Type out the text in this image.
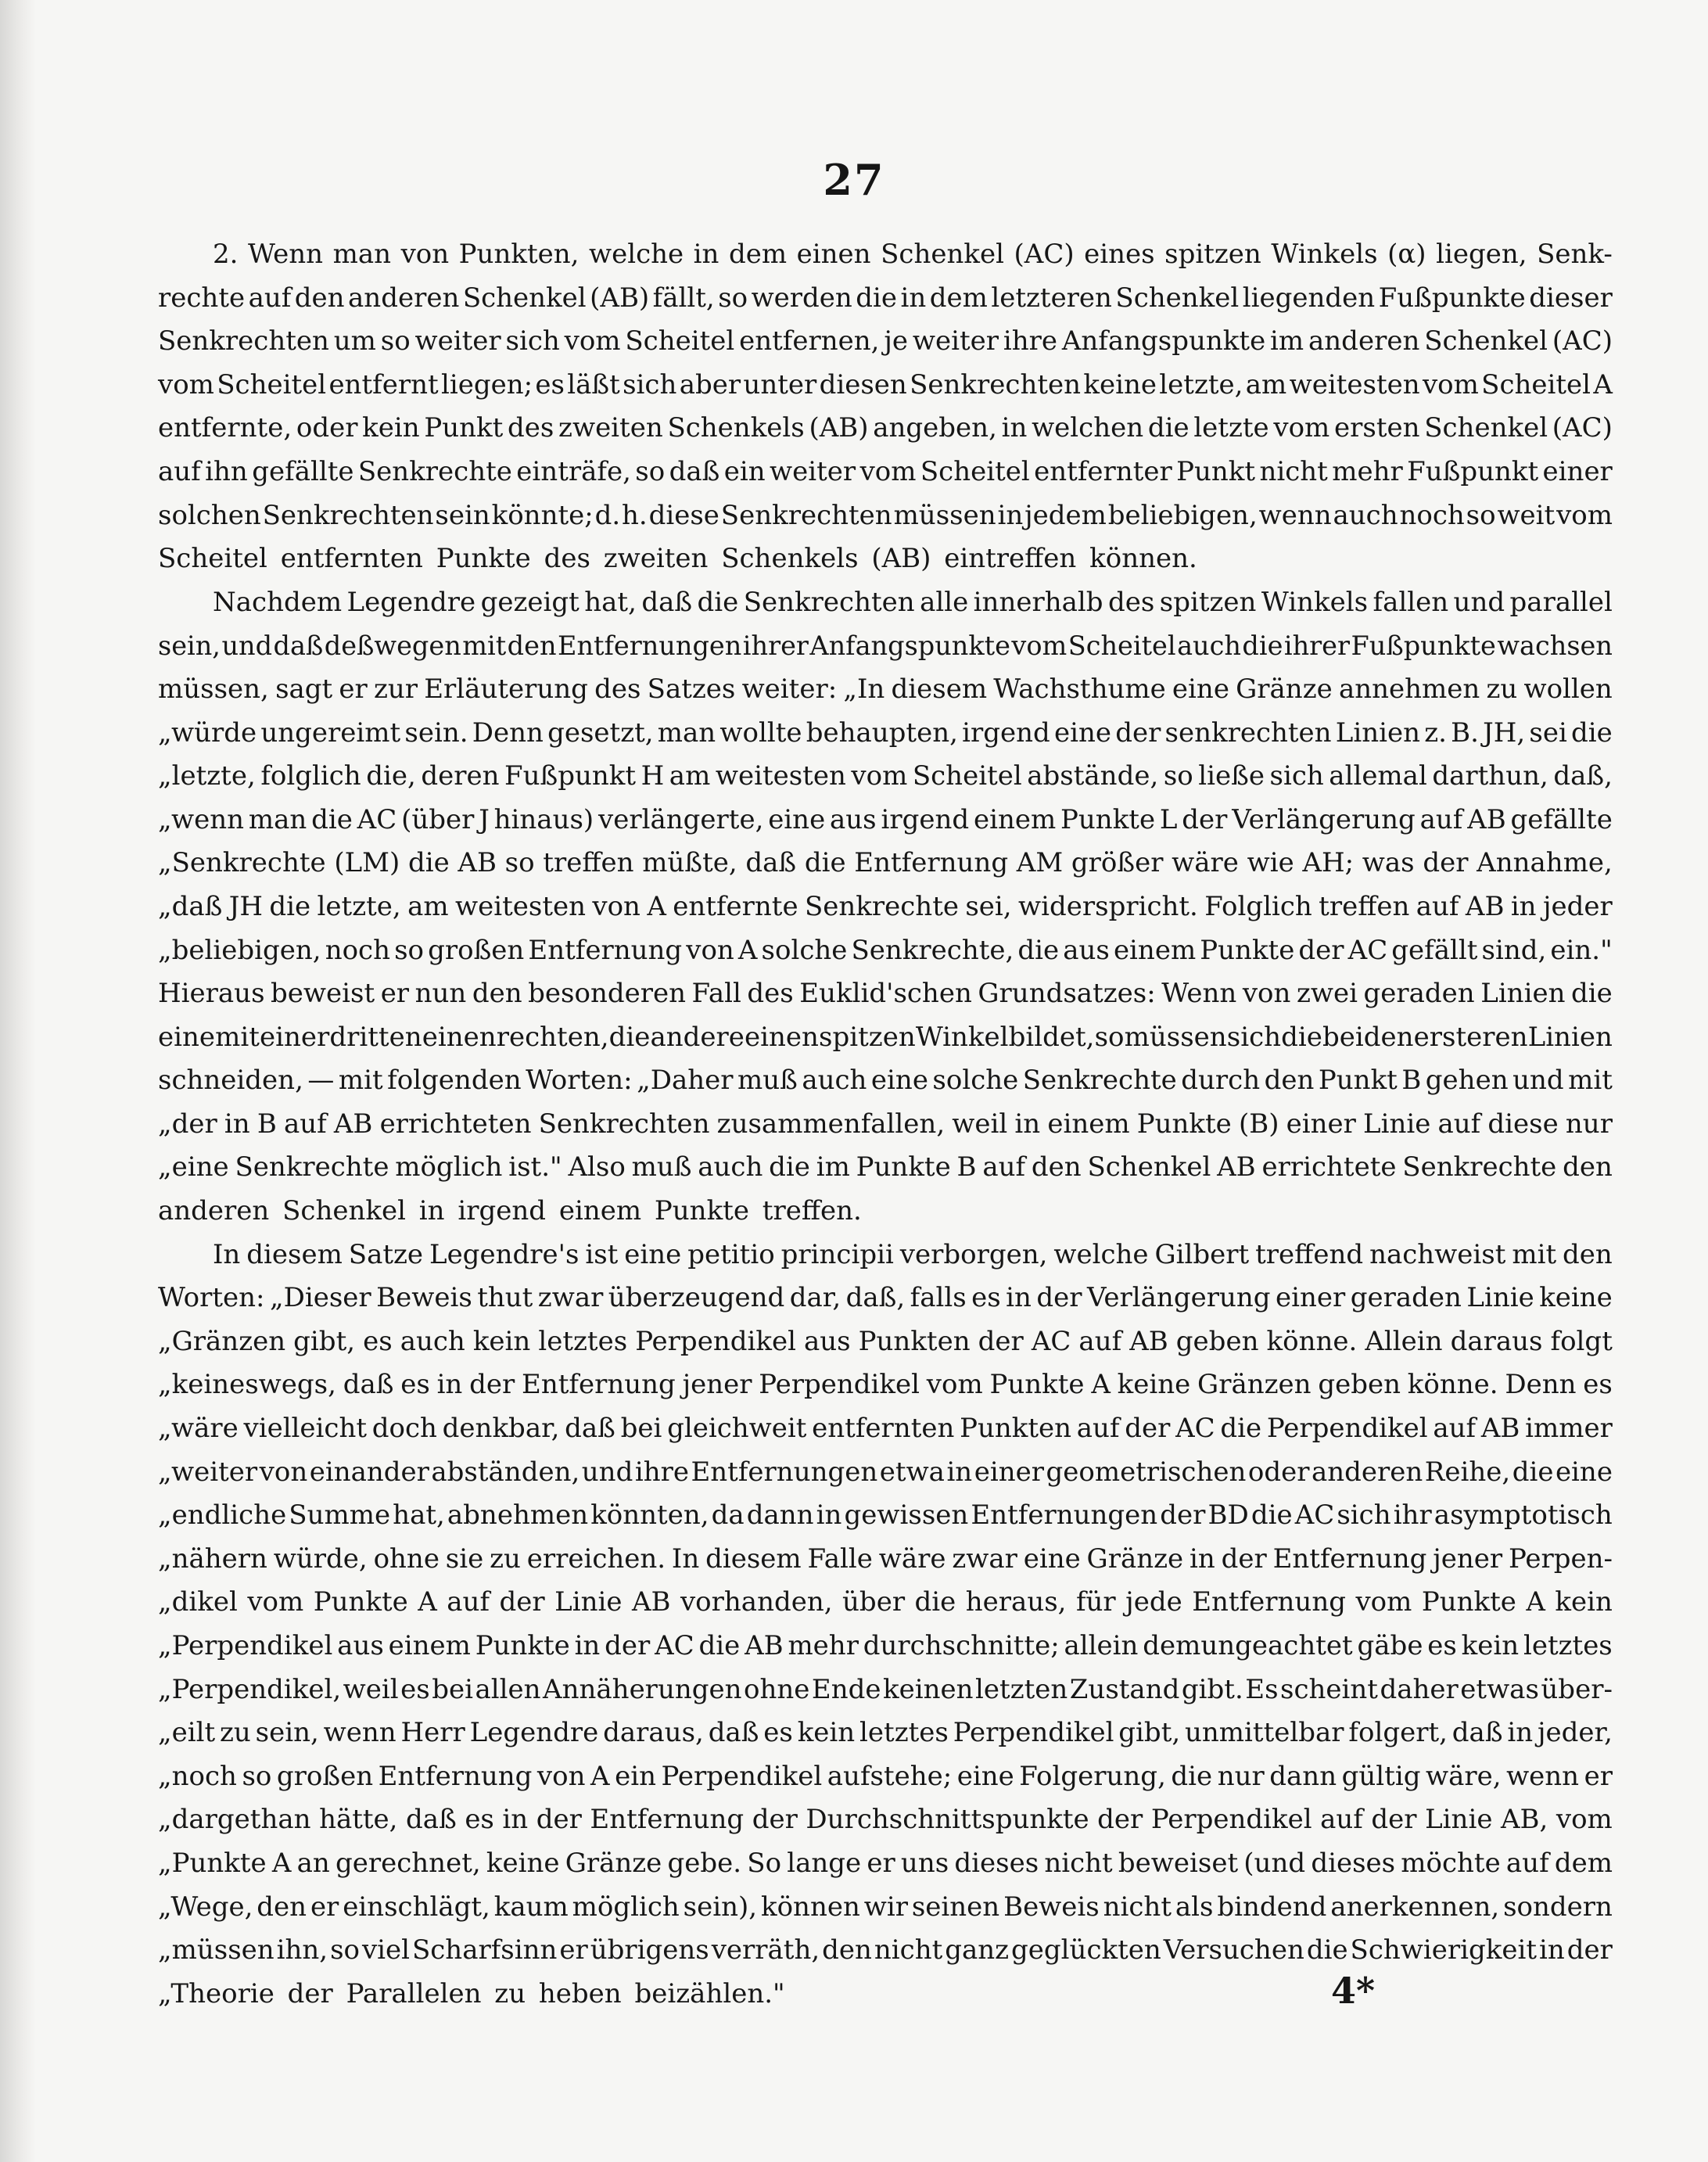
27
2. Wenn man von Punkten, welche in dem einen Schenkel (AC) eines spitzen Winkels (α) liegen, Senk-
rechte auf den anderen Schenkel (AB) fällt, so werden die in dem letzteren Schenkel liegenden Fußpunkte dieser
Senkrechten um so weiter sich vom Scheitel entfernen, je weiter ihre Anfangspunkte im anderen Schenkel (AC)
vom Scheitel entfernt liegen; es läßt sich aber unter diesen Senkrechten keine letzte, am weitesten vom Scheitel A
entfernte, oder kein Punkt des zweiten Schenkels (AB) angeben, in welchen die letzte vom ersten Schenkel (AC)
auf ihn gefällte Senkrechte einträfe, so daß ein weiter vom Scheitel entfernter Punkt nicht mehr Fußpunkt einer
solchen Senkrechten sein könnte; d. h. diese Senkrechten müssen in jedem beliebigen, wenn auch noch so weit vom
Scheitel entfernten Punkte des zweiten Schenkels (AB) eintreffen können.
Nachdem Legendre gezeigt hat, daß die Senkrechten alle innerhalb des spitzen Winkels fallen und parallel
sein, und daß deßwegen mit den Entfernungen ihrer Anfangspunkte vom Scheitel auch die ihrer Fußpunkte wachsen
müssen, sagt er zur Erläuterung des Satzes weiter: „In diesem Wachsthume eine Gränze annehmen zu wollen
„würde ungereimt sein. Denn gesetzt, man wollte behaupten, irgend eine der senkrechten Linien z. B. JH, sei die
„letzte, folglich die, deren Fußpunkt H am weitesten vom Scheitel abstände, so ließe sich allemal darthun, daß,
„wenn man die AC (über J hinaus) verlängerte, eine aus irgend einem Punkte L der Verlängerung auf AB gefällte
„Senkrechte (LM) die AB so treffen müßte, daß die Entfernung AM größer wäre wie AH; was der Annahme,
„daß JH die letzte, am weitesten von A entfernte Senkrechte sei, widerspricht. Folglich treffen auf AB in jeder
„beliebigen, noch so großen Entfernung von A solche Senkrechte, die aus einem Punkte der AC gefällt sind, ein."
Hieraus beweist er nun den besonderen Fall des Euklid'schen Grundsatzes: Wenn von zwei geraden Linien die
eine mit einer dritten einen rechten, die andere einen spitzen Winkel bildet, so müssen sich die beiden ersteren Linien
schneiden, — mit folgenden Worten: „Daher muß auch eine solche Senkrechte durch den Punkt B gehen und mit
„der in B auf AB errichteten Senkrechten zusammenfallen, weil in einem Punkte (B) einer Linie auf diese nur
„eine Senkrechte möglich ist." Also muß auch die im Punkte B auf den Schenkel AB errichtete Senkrechte den
anderen Schenkel in irgend einem Punkte treffen.
In diesem Satze Legendre's ist eine petitio principii verborgen, welche Gilbert treffend nachweist mit den
Worten: „Dieser Beweis thut zwar überzeugend dar, daß, falls es in der Verlängerung einer geraden Linie keine
„Gränzen gibt, es auch kein letztes Perpendikel aus Punkten der AC auf AB geben könne. Allein daraus folgt
„keineswegs, daß es in der Entfernung jener Perpendikel vom Punkte A keine Gränzen geben könne. Denn es
„wäre vielleicht doch denkbar, daß bei gleichweit entfernten Punkten auf der AC die Perpendikel auf AB immer
„weiter von einander abständen, und ihre Entfernungen etwa in einer geometrischen oder anderen Reihe, die eine
„endliche Summe hat, abnehmen könnten, da dann in gewissen Entfernungen der BD die AC sich ihr asymptotisch
„nähern würde, ohne sie zu erreichen. In diesem Falle wäre zwar eine Gränze in der Entfernung jener Perpen-
„dikel vom Punkte A auf der Linie AB vorhanden, über die heraus, für jede Entfernung vom Punkte A kein
„Perpendikel aus einem Punkte in der AC die AB mehr durchschnitte; allein demungeachtet gäbe es kein letztes
„Perpendikel, weil es bei allen Annäherungen ohne Ende keinen letzten Zustand gibt. Es scheint daher etwas über-
„eilt zu sein, wenn Herr Legendre daraus, daß es kein letztes Perpendikel gibt, unmittelbar folgert, daß in jeder,
„noch so großen Entfernung von A ein Perpendikel aufstehe; eine Folgerung, die nur dann gültig wäre, wenn er
„dargethan hätte, daß es in der Entfernung der Durchschnittspunkte der Perpendikel auf der Linie AB, vom
„Punkte A an gerechnet, keine Gränze gebe. So lange er uns dieses nicht beweiset (und dieses möchte auf dem
„Wege, den er einschlägt, kaum möglich sein), können wir seinen Beweis nicht als bindend anerkennen, sondern
„müssen ihn, so viel Scharfsinn er übrigens verräth, den nicht ganz geglückten Versuchen die Schwierigkeit in der
„Theorie der Parallelen zu heben beizählen."	4*
